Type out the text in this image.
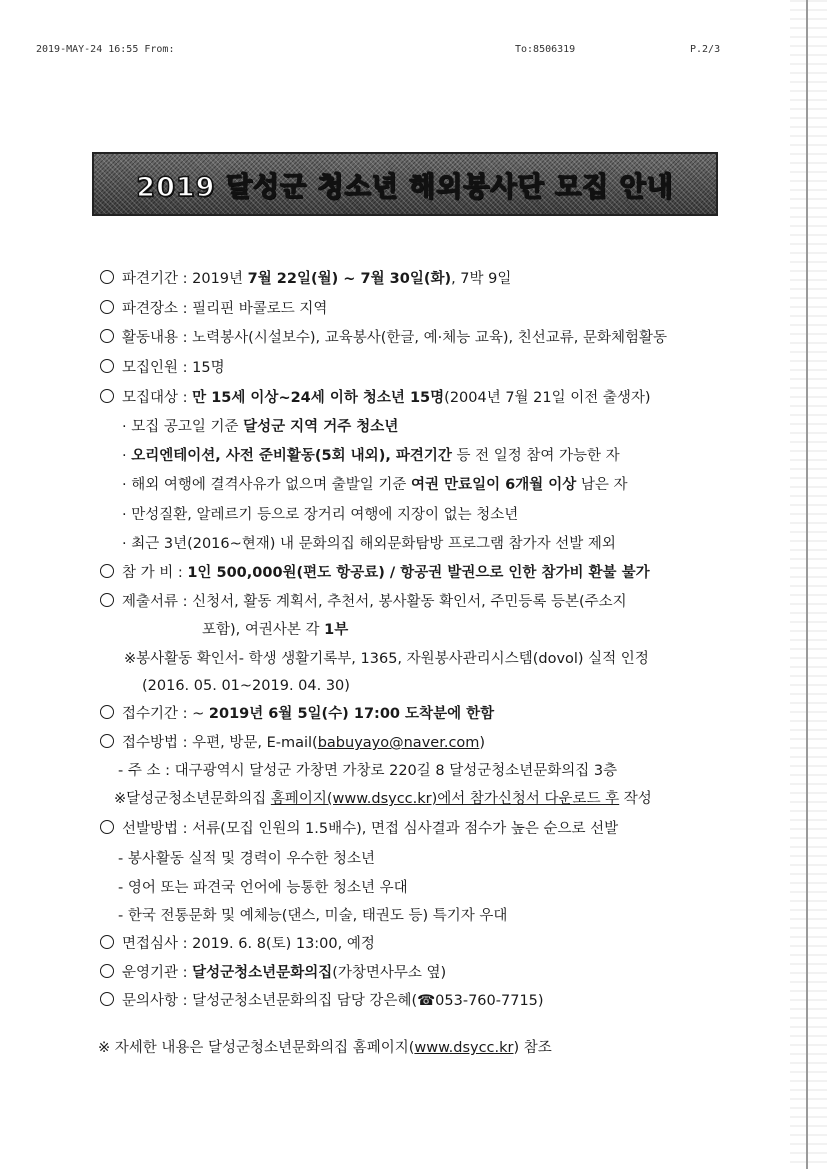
2019-MAY-24 16:55 From:	To:8506319	P.2/3
2019 달성군 청소년 해외봉사단 모집 안내
파견기간 : 2019년 7월 22일(월) ~ 7월 30일(화), 7박 9일
파견장소 : 필리핀 바콜로드 지역
활동내용 : 노력봉사(시설보수), 교육봉사(한글, 예·체능 교육), 친선교류, 문화체험활동
모집인원 : 15명
모집대상 : 만 15세 이상~24세 이하 청소년 15명(2004년 7월 21일 이전 출생자)
· 모집 공고일 기준 달성군 지역 거주 청소년
· 오리엔테이션, 사전 준비활동(5회 내외), 파견기간 등 전 일정 참여 가능한 자
· 해외 여행에 결격사유가 없으며 출발일 기준 여권 만료일이 6개월 이상 남은 자
· 만성질환, 알레르기 등으로 장거리 여행에 지장이 없는 청소년
· 최근 3년(2016~현재) 내 문화의집 해외문화탐방 프로그램 참가자 선발 제외
참 가 비 : 1인 500,000원(편도 항공료) / 항공권 발권으로 인한 참가비 환불 불가
제출서류 : 신청서, 활동 계획서, 추천서, 봉사활동 확인서, 주민등록 등본(주소지
포함), 여권사본 각 1부
※봉사활동 확인서- 학생 생활기록부, 1365, 자원봉사관리시스템(dovol) 실적 인정
(2016. 05. 01~2019. 04. 30)
접수기간 : ~ 2019년 6월 5일(수) 17:00 도착분에 한함
접수방법 : 우편, 방문, E-mail(babuyayo@naver.com)
- 주 소 : 대구광역시 달성군 가창면 가창로 220길 8 달성군청소년문화의집 3층
※달성군청소년문화의집 홈페이지(www.dsycc.kr)에서 참가신청서 다운로드 후 작성
선발방법 : 서류(모집 인원의 1.5배수), 면접 심사결과 점수가 높은 순으로 선발
- 봉사활동 실적 및 경력이 우수한 청소년
- 영어 또는 파견국 언어에 능통한 청소년 우대
- 한국 전통문화 및 예체능(댄스, 미술, 태권도 등) 특기자 우대
면접심사 : 2019. 6. 8(토) 13:00, 예정
운영기관 : 달성군청소년문화의집(가창면사무소 옆)
문의사항 : 달성군청소년문화의집 담당 강은혜(☎053-760-7715)
※ 자세한 내용은 달성군청소년문화의집 홈페이지(www.dsycc.kr) 참조
